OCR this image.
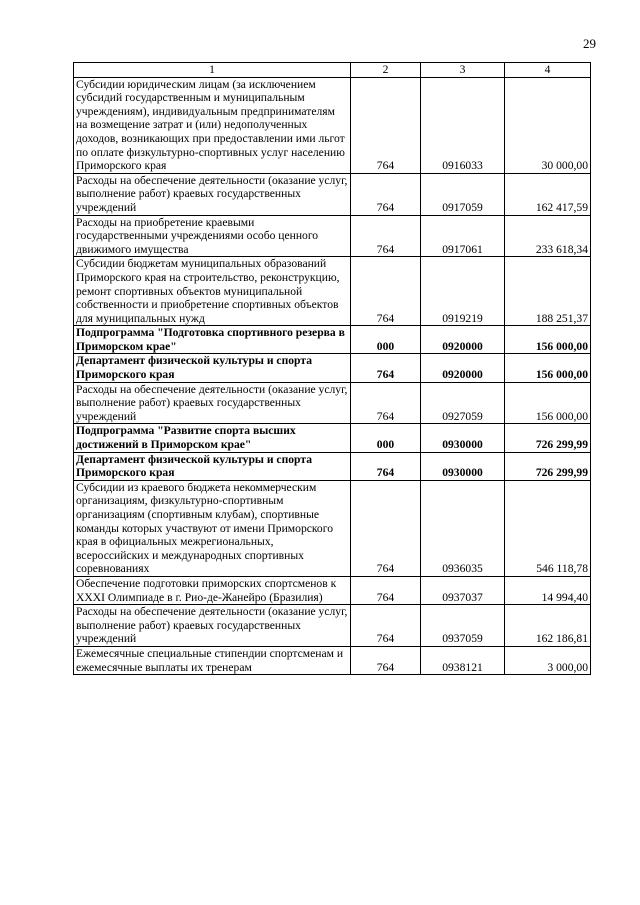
29
1	2	3	4
Субсидии юридическим лицам (за исключением субсидий государственным и муниципальным учреждениям), индивидуальным предпринимателям на возмещение затрат и (или) недополученных доходов, возникающих при предоставлении ими льгот по оплате физкультурно-спортивных услуг населению Приморского края	764	0916033	30 000,00
Расходы на обеспечение деятельности (оказание услуг, выполнение работ) краевых государственных учреждений	764	0917059	162 417,59
Расходы на приобретение краевыми государственными учреждениями особо ценного движимого имущества	764	0917061	233 618,34
Субсидии бюджетам муниципальных образований Приморского края на строительство, реконструкцию, ремонт спортивных объектов муниципальной собственности и приобретение спортивных объектов для муниципальных нужд	764	0919219	188 251,37
Подпрограмма "Подготовка спортивного резерва в Приморском крае"	000	0920000	156 000,00
Департамент физической культуры и спорта Приморского края	764	0920000	156 000,00
Расходы на обеспечение деятельности (оказание услуг, выполнение работ) краевых государственных учреждений	764	0927059	156 000,00
Подпрограмма "Развитие спорта высших достижений в Приморском крае"	000	0930000	726 299,99
Департамент физической культуры и спорта Приморского края	764	0930000	726 299,99
Субсидии из краевого бюджета некоммерческим организациям, физкультурно-спортивным организациям (спортивным клубам), спортивные команды которых участвуют от имени Приморского края в официальных межрегиональных, всероссийских и международных спортивных соревнованиях	764	0936035	546 118,78
Обеспечение подготовки приморских спортсменов к XXXI Олимпиаде в г. Рио-де-Жанейро (Бразилия)	764	0937037	14 994,40
Расходы на обеспечение деятельности (оказание услуг, выполнение работ) краевых государственных учреждений	764	0937059	162 186,81
Ежемесячные специальные стипендии спортсменам и ежемесячные выплаты их тренерам	764	0938121	3 000,00
